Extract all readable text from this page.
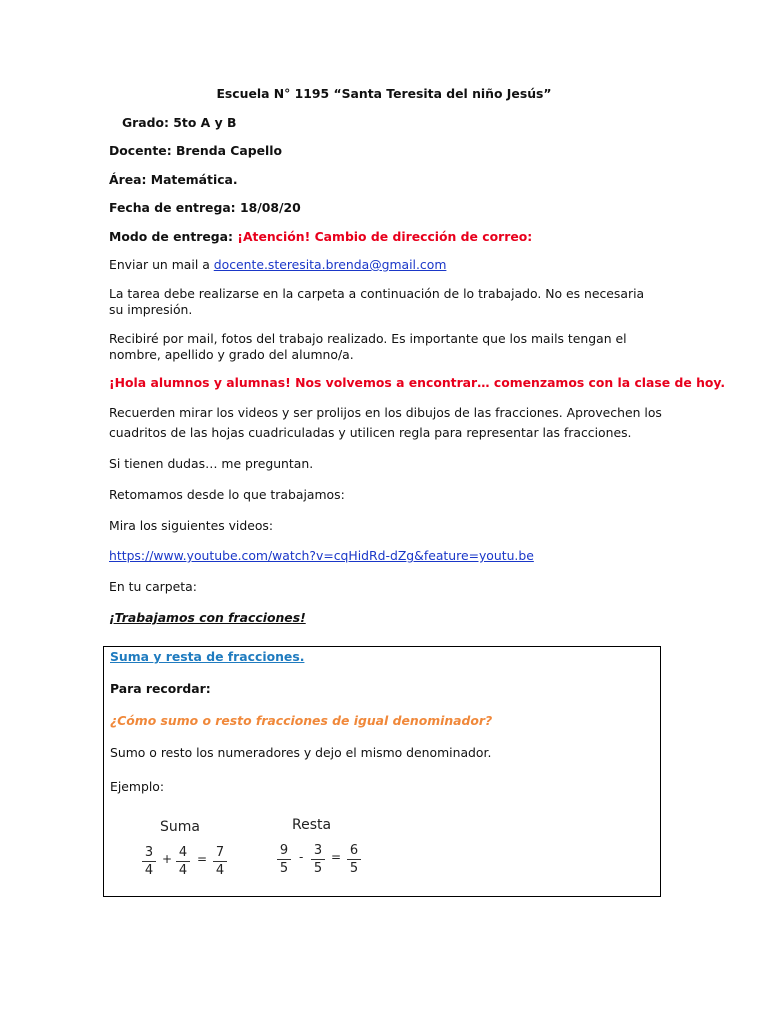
Escuela N° 1195 “Santa Teresita del niño Jesús”
Grado: 5to A y B
Docente: Brenda Capello
Área: Matemática.
Fecha de entrega: 18/08/20
Modo de entrega: ¡Atención! Cambio de dirección de correo:
Enviar un mail a docente.steresita.brenda@gmail.com
La tarea debe realizarse en la carpeta a continuación de lo trabajado. No es necesaria su impresión.
Recibiré por mail, fotos del trabajo realizado. Es importante que los mails tengan el nombre, apellido y grado del alumno/a.
¡Hola alumnos y alumnas! Nos volvemos a encontrar… comenzamos con la clase de hoy.
Recuerden mirar los videos y ser prolijos en los dibujos de las fracciones. Aprovechen los
cuadritos de las hojas cuadriculadas y utilicen regla para representar las fracciones.
Si tienen dudas… me preguntan.
Retomamos desde lo que trabajamos:
Mira los siguientes videos:
https://www.youtube.com/watch?v=cqHidRd-dZg&feature=youtu.be
En tu carpeta:
¡Trabajamos con fracciones!
Suma y resta de fracciones.
Para recordar:
¿Cómo sumo o resto fracciones de igual denominador?
Sumo o resto los numeradores y dejo el mismo denominador.
Ejemplo:
Suma
3
4
+ 4
4
= 7
4
Resta
9
5
- 3
5
= 6
5
